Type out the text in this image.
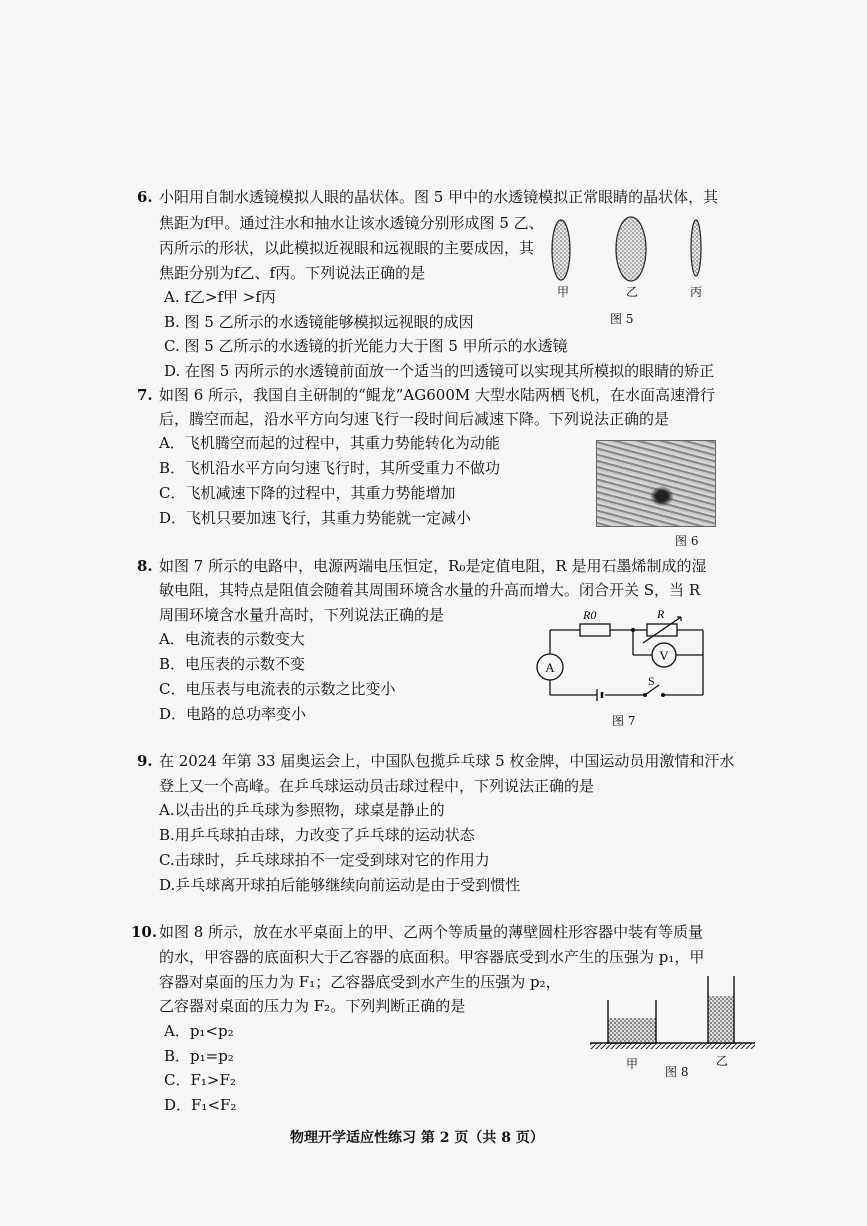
6. 小阳用自制水透镜模拟人眼的晶状体。图 5 甲中的水透镜模拟正常眼睛的晶状体，其
焦距为f甲。通过注水和抽水让该水透镜分别形成图 5 乙、
丙所示的形状，以此模拟近视眼和远视眼的主要成因，其
焦距分别为f乙、f丙。下列说法正确的是
A. f乙>f甲 >f丙
B. 图 5 乙所示的水透镜能够模拟远视眼的成因
C. 图 5 乙所示的水透镜的折光能力大于图 5 甲所示的水透镜
D. 在图 5 丙所示的水透镜前面放一个适当的凹透镜可以实现其所模拟的眼睛的矫正
甲	乙	丙
图 5
7. 如图 6 所示，我国自主研制的“鲲龙”AG600M 大型水陆两栖飞机，在水面高速滑行
后，腾空而起，沿水平方向匀速飞行一段时间后减速下降。下列说法正确的是
A．飞机腾空而起的过程中，其重力势能转化为动能
B．飞机沿水平方向匀速飞行时，其所受重力不做功
C．飞机减速下降的过程中，其重力势能增加
D．飞机只要加速飞行，其重力势能就一定减小
图 6
8. 如图 7 所示的电路中，电源两端电压恒定，R₀是定值电阻，R 是用石墨烯制成的湿
敏电阻，其特点是阻值会随着其周围环境含水量的升高而增大。闭合开关 S，当 R
周围环境含水量升高时，下列说法正确的是
A．电流表的示数变大
B．电压表的示数不变
C．电压表与电流表的示数之比变小
D．电路的总功率变小
A
V
R0	R
S
图 7
9. 在 2024 年第 33 届奥运会上，中国队包揽乒乓球 5 枚金牌，中国运动员用激情和汗水
登上又一个高峰。在乒乓球运动员击球过程中，下列说法正确的是
A.以击出的乒乓球为参照物，球桌是静止的
B.用乒乓球拍击球，力改变了乒乓球的运动状态
C.击球时，乒乓球球拍不一定受到球对它的作用力
D.乒乓球离开球拍后能够继续向前运动是由于受到惯性
10. 如图 8 所示，放在水平桌面上的甲、乙两个等质量的薄壁圆柱形容器中装有等质量
的水，甲容器的底面积大于乙容器的底面积。甲容器底受到水产生的压强为 p₁，甲
容器对桌面的压力为 F₁；乙容器底受到水产生的压强为 p₂，
乙容器对桌面的压力为 F₂。下列判断正确的是
A．p₁<p₂
B．p₁=p₂
C．F₁>F₂
D．F₁<F₂
甲	乙
图 8
物理开学适应性练习 第 2 页（共 8 页）
